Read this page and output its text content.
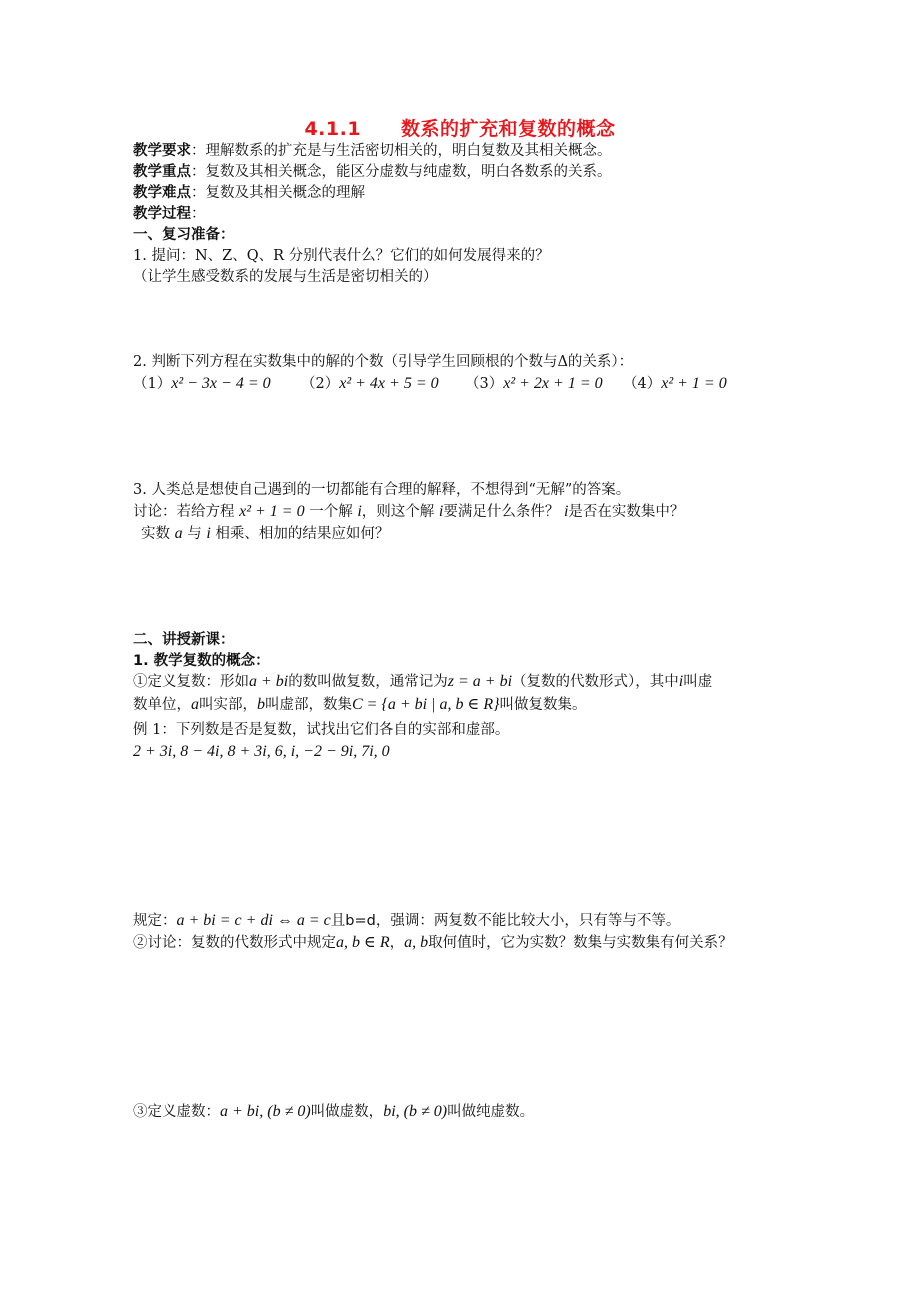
4.1.1 数系的扩充和复数的概念
教学要求：理解数系的扩充是与生活密切相关的，明白复数及其相关概念。
教学重点：复数及其相关概念，能区分虚数与纯虚数，明白各数系的关系。
教学难点：复数及其相关概念的理解
教学过程：
一、复习准备：
1. 提问：N、Z、Q、R 分别代表什么？它们的如何发展得来的？
（让学生感受数系的发展与生活是密切相关的）
2. 判断下列方程在实数集中的解的个数（引导学生回顾根的个数与Δ的关系）：
（1）x² − 3x − 4 = 0 （2）x² + 4x + 5 = 0 （3）x² + 2x + 1 = 0 （4）x² + 1 = 0
3. 人类总是想使自己遇到的一切都能有合理的解释，不想得到“无解”的答案。
讨论：若给方程 x² + 1 = 0 一个解 i，则这个解 i要满足什么条件？ i是否在实数集中？
实数 a 与 i 相乘、相加的结果应如何？
二、讲授新课：
1. 教学复数的概念：
①定义复数：形如a + bi的数叫做复数，通常记为z = a + bi（复数的代数形式），其中i叫虚
数单位，a叫实部，b叫虚部，数集C = {a + bi | a, b ∈ R}叫做复数集。
例 1：下列数是否是复数，试找出它们各自的实部和虚部。
2 + 3i, 8 − 4i, 8 + 3i, 6, i, −2 − 9i, 7i, 0
规定：a + bi = c + di ⇔ a = c且b=d，强调：两复数不能比较大小，只有等与不等。
②讨论：复数的代数形式中规定a, b ∈ R，a, b取何值时，它为实数？数集与实数集有何关系？
③定义虚数：a + bi, (b ≠ 0)叫做虚数，bi, (b ≠ 0)叫做纯虚数。
